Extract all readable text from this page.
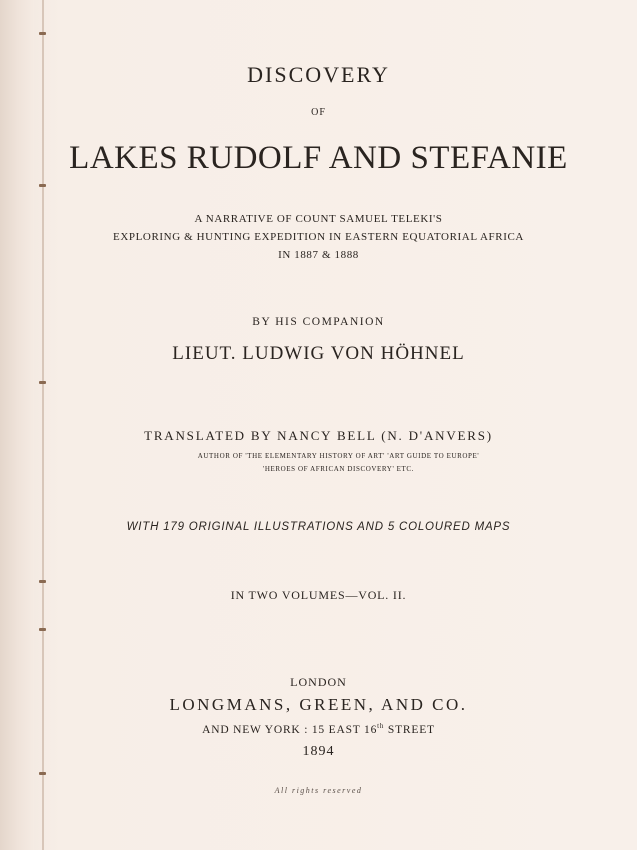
DISCOVERY
OF
LAKES RUDOLF AND STEFANIE
A NARRATIVE OF COUNT SAMUEL TELEKI'S
EXPLORING & HUNTING EXPEDITION IN EASTERN EQUATORIAL AFRICA
IN 1887 & 1888
BY HIS COMPANION
LIEUT. LUDWIG VON HÖHNEL
TRANSLATED BY NANCY BELL (N. D'ANVERS)
AUTHOR OF 'THE ELEMENTARY HISTORY OF ART' 'ART GUIDE TO EUROPE'
'HEROES OF AFRICAN DISCOVERY' ETC.
WITH 179 ORIGINAL ILLUSTRATIONS AND 5 COLOURED MAPS
IN TWO VOLUMES—VOL. II.
LONDON
LONGMANS, GREEN, AND CO.
AND NEW YORK : 15 EAST 16th STREET
1894
All rights reserved
